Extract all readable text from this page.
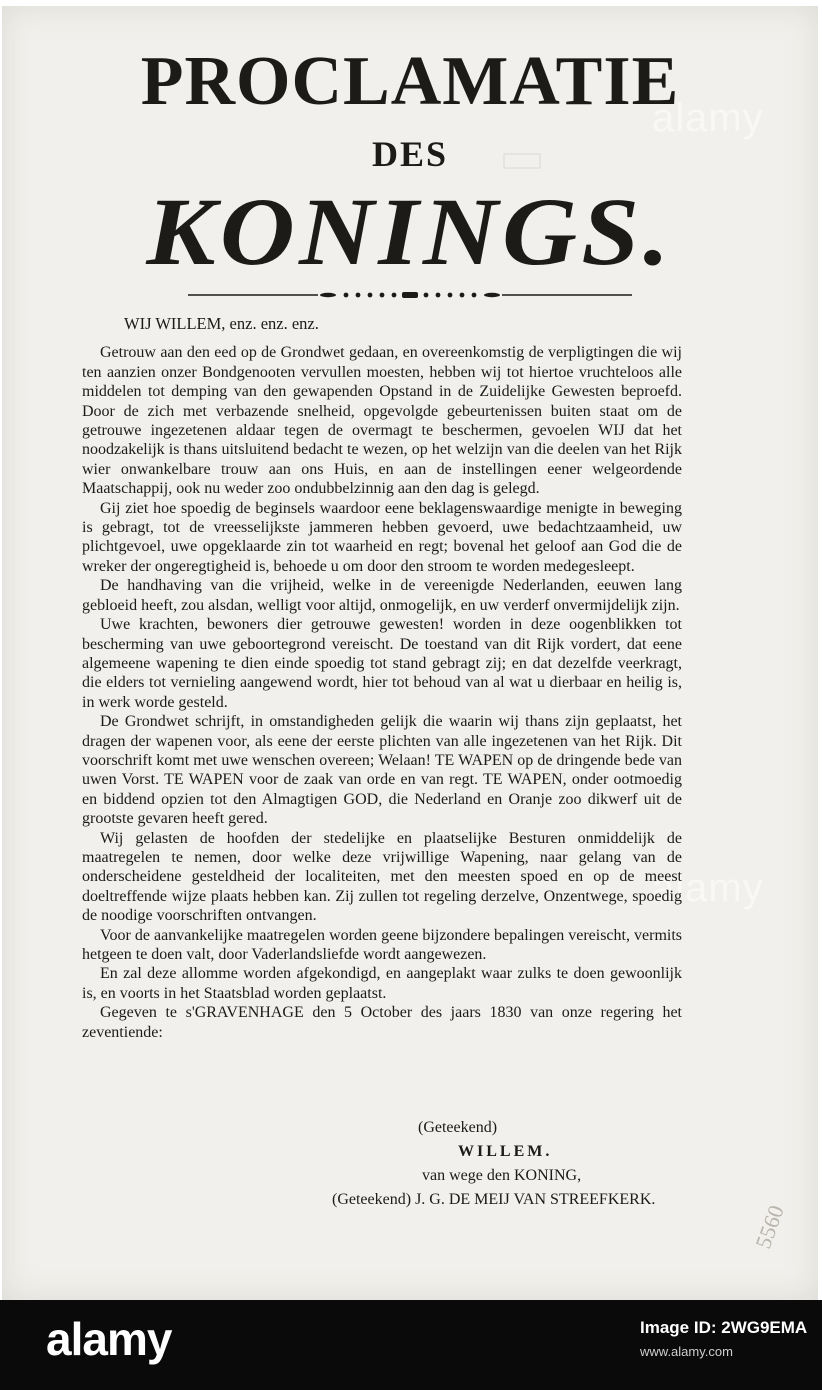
alamy
alamy
PROCLAMATIE
DES
KONINGS.

WIJ WILLEM, enz. enz. enz.

Getrouw aan den eed op de Grondwet gedaan, en overeenkomstig de verpligtingen die wij ten aanzien onzer Bondgenooten vervullen moesten, hebben wij tot hiertoe vruchteloos alle middelen tot demping van den gewapenden Opstand in de Zuidelijke Gewesten beproefd. Door de zich met verbazende snelheid, opgevolgde gebeurtenissen buiten staat om de getrouwe ingezetenen aldaar tegen de overmagt te beschermen, gevoelen WIJ dat het noodzakelijk is thans uitsluitend bedacht te wezen, op het welzijn van die deelen van het Rijk wier onwankelbare trouw aan ons Huis, en aan de instellingen eener welgeordende Maatschappij, ook nu weder zoo ondubbelzinnig aan den dag is gelegd.

Gij ziet hoe spoedig de beginsels waardoor eene beklagenswaardige menigte in beweging is gebragt, tot de vreesselijkste jammeren hebben gevoerd, uwe bedachtzaamheid, uw plichtgevoel, uwe opgeklaarde zin tot waarheid en regt; bovenal het geloof aan God die de wreker der ongeregtigheid is, behoede u om door den stroom te worden medegesleept.

De handhaving van die vrijheid, welke in de vereenigde Nederlanden, eeuwen lang gebloeid heeft, zou alsdan, welligt voor altijd, onmogelijk, en uw verderf onvermijdelijk zijn.

Uwe krachten, bewoners dier getrouwe gewesten! worden in deze oogenblikken tot bescherming van uwe geboortegrond vereischt. De toestand van dit Rijk vordert, dat eene algemeene wapening te dien einde spoedig tot stand gebragt zij; en dat dezelfde veerkragt, die elders tot vernieling aangewend wordt, hier tot behoud van al wat u dierbaar en heilig is, in werk worde gesteld.

De Grondwet schrijft, in omstandigheden gelijk die waarin wij thans zijn geplaatst, het dragen der wapenen voor, als eene der eerste plichten van alle ingezetenen van het Rijk. Dit voorschrift komt met uwe wenschen overeen; Welaan! TE WAPEN op de dringende bede van uwen Vorst. TE WAPEN voor de zaak van orde en van regt. TE WAPEN, onder ootmoedig en biddend opzien tot den Almagtigen GOD, die Nederland en Oranje zoo dikwerf uit de grootste gevaren heeft gered.

Wij gelasten de hoofden der stedelijke en plaatselijke Besturen onmiddelijk de maatregelen te nemen, door welke deze vrijwillige Wapening, naar gelang van de onderscheidene gesteldheid der localiteiten, met den meesten spoed en op de meest doeltreffende wijze plaats hebben kan. Zij zullen tot regeling derzelve, Onzentwege, spoedig de noodige voorschriften ontvangen.

Voor de aanvankelijke maatregelen worden geene bijzondere bepalingen vereischt, vermits hetgeen te doen valt, door Vaderlandsliefde wordt aangewezen.

En zal deze allomme worden afgekondigd, en aangeplakt waar zulks te doen gewoonlijk is, en voorts in het Staatsblad worden geplaatst.

Gegeven te s'GRAVENHAGE den 5 October des jaars 1830 van onze regering het zeventiende:

(Geteekend)
WILLEM.
van wege den KONING,
(Geteekend) J. G. DE MEIJ VAN STREEFKERK.
5560
alamy	Image ID: 2WG9EMA
www.alamy.com
